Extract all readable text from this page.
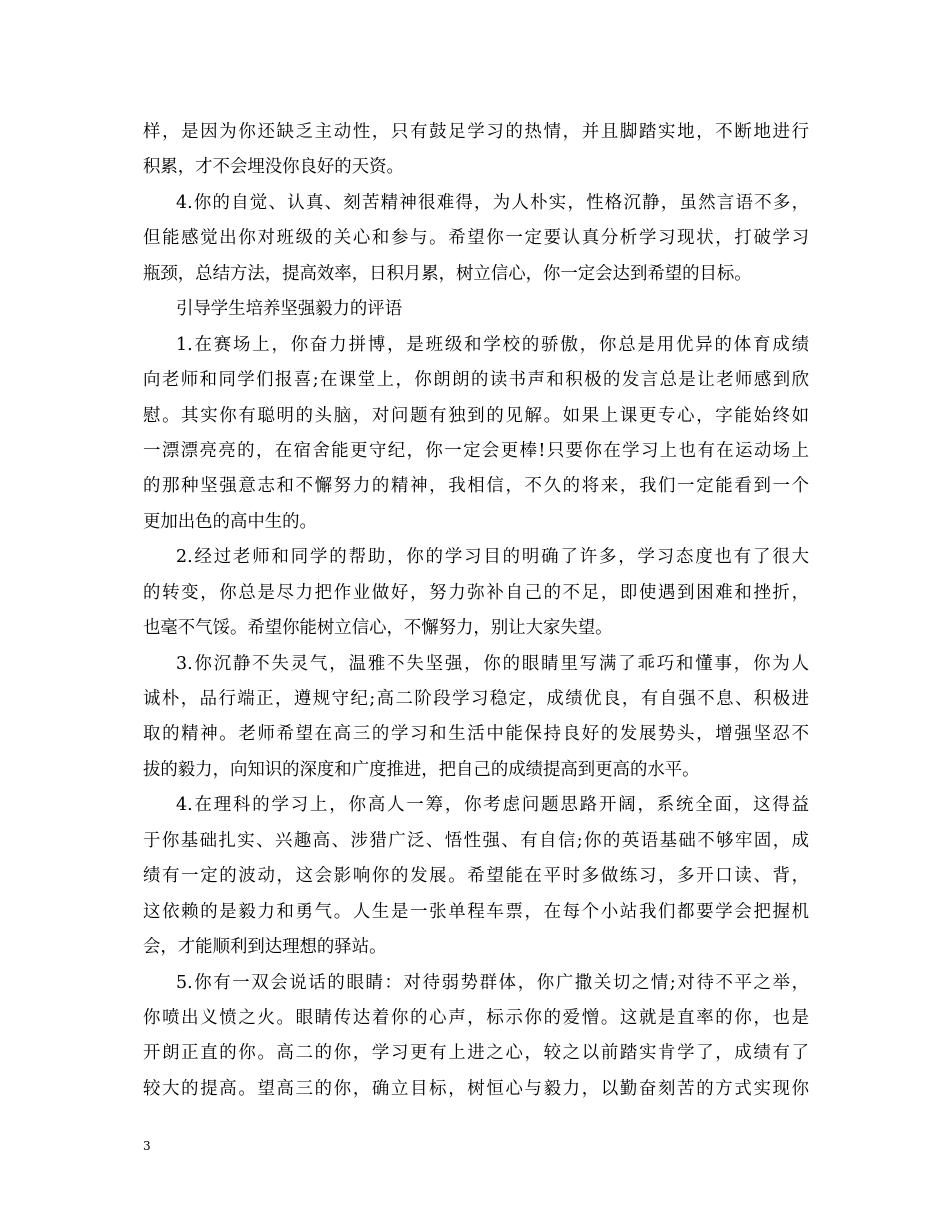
样，是因为你还缺乏主动性，只有鼓足学习的热情，并且脚踏实地，不断地进行
积累，才不会埋没你良好的天资。
4.你的自觉、认真、刻苦精神很难得，为人朴实，性格沉静，虽然言语不多，
但能感觉出你对班级的关心和参与。希望你一定要认真分析学习现状，打破学习
瓶颈，总结方法，提高效率，日积月累，树立信心，你一定会达到希望的目标。
引导学生培养坚强毅力的评语
1.在赛场上，你奋力拼博，是班级和学校的骄傲，你总是用优异的体育成绩
向老师和同学们报喜;在课堂上，你朗朗的读书声和积极的发言总是让老师感到欣
慰。其实你有聪明的头脑，对问题有独到的见解。如果上课更专心，字能始终如
一漂漂亮亮的，在宿舍能更守纪，你一定会更棒!只要你在学习上也有在运动场上
的那种坚强意志和不懈努力的精神，我相信，不久的将来，我们一定能看到一个
更加出色的高中生的。
2.经过老师和同学的帮助，你的学习目的明确了许多，学习态度也有了很大
的转变，你总是尽力把作业做好，努力弥补自己的不足，即使遇到困难和挫折，
也毫不气馁。希望你能树立信心，不懈努力，别让大家失望。
3.你沉静不失灵气，温雅不失坚强，你的眼睛里写满了乖巧和懂事，你为人
诚朴，品行端正，遵规守纪;高二阶段学习稳定，成绩优良，有自强不息、积极进
取的精神。老师希望在高三的学习和生活中能保持良好的发展势头，增强坚忍不
拔的毅力，向知识的深度和广度推进，把自己的成绩提高到更高的水平。
4.在理科的学习上，你高人一筹，你考虑问题思路开阔，系统全面，这得益
于你基础扎实、兴趣高、涉猎广泛、悟性强、有自信;你的英语基础不够牢固，成
绩有一定的波动，这会影响你的发展。希望能在平时多做练习，多开口读、背，
这依赖的是毅力和勇气。人生是一张单程车票，在每个小站我们都要学会把握机
会，才能顺利到达理想的驿站。
5.你有一双会说话的眼睛：对待弱势群体，你广撒关切之情;对待不平之举，
你喷出义愤之火。眼睛传达着你的心声，标示你的爱憎。这就是直率的你，也是
开朗正直的你。高二的你，学习更有上进之心，较之以前踏实肯学了，成绩有了
较大的提高。望高三的你，确立目标，树恒心与毅力，以勤奋刻苦的方式实现你
3
